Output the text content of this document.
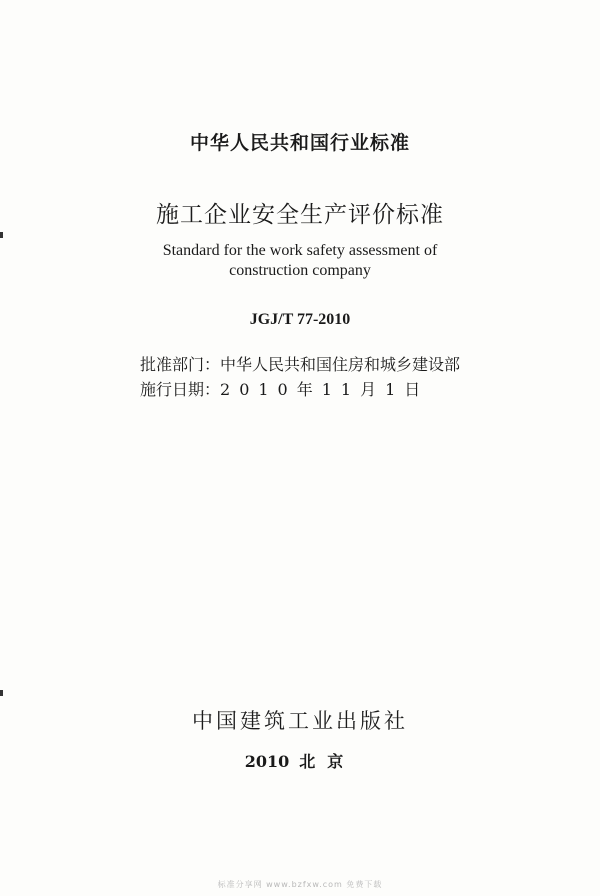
中华人民共和国行业标准
施工企业安全生产评价标准
Standard for the work safety assessment of
construction company
JGJ/T 77-2010
批准部门：中华人民共和国住房和城乡建设部
施行日期：2010年11月1日
中国建筑工业出版社
2010 北京
标准分享网 www.bzfxw.com 免费下载
